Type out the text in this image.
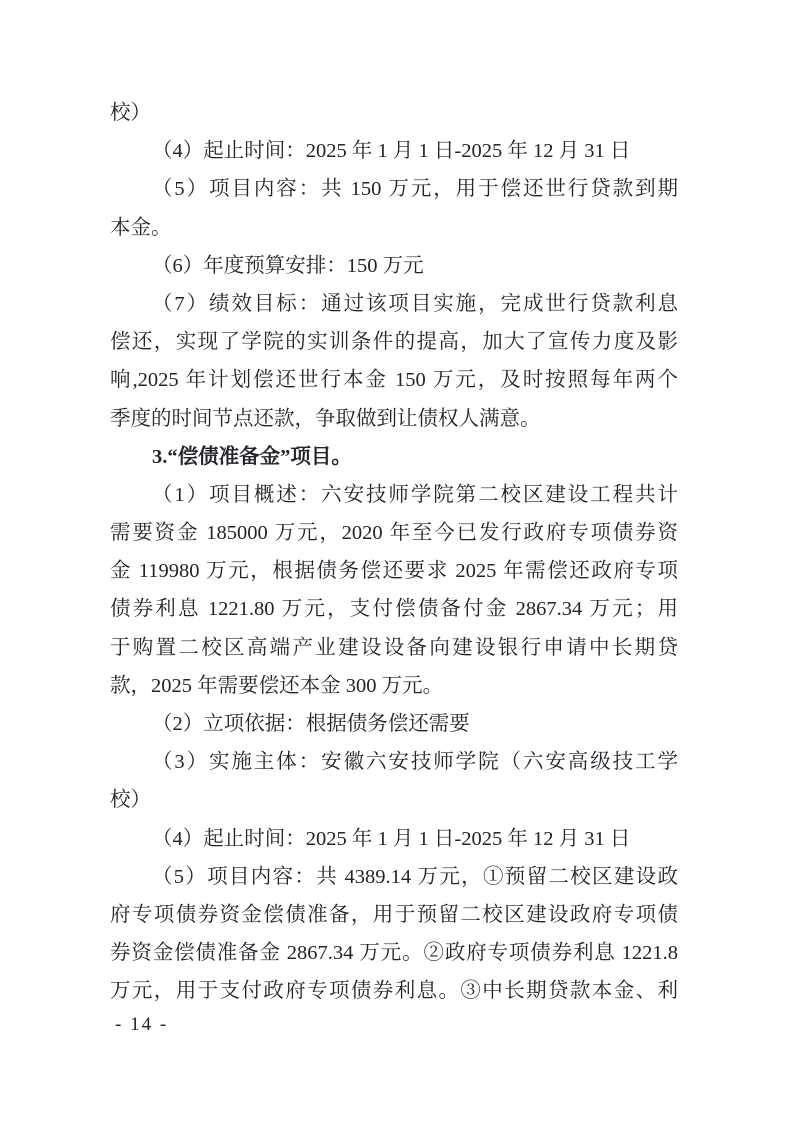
校）
（4）起止时间：2025 年 1 月 1 日-2025 年 12 月 31 日
（5）项目内容：共 150 万元，用于偿还世行贷款到期
本金。
（6）年度预算安排：150 万元
（7）绩效目标：通过该项目实施，完成世行贷款利息
偿还，实现了学院的实训条件的提高，加大了宣传力度及影
响,2025 年计划偿还世行本金 150 万元，及时按照每年两个
季度的时间节点还款，争取做到让债权人满意。
3.“偿债准备金”项目。
（1）项目概述：六安技师学院第二校区建设工程共计
需要资金 185000 万元，2020 年至今已发行政府专项债券资
金 119980 万元，根据债务偿还要求 2025 年需偿还政府专项
债券利息 1221.80 万元，支付偿债备付金 2867.34 万元；用
于购置二校区高端产业建设设备向建设银行申请中长期贷
款，2025 年需要偿还本金 300 万元。
（2）立项依据：根据债务偿还需要
（3）实施主体：安徽六安技师学院（六安高级技工学
校）
（4）起止时间：2025 年 1 月 1 日-2025 年 12 月 31 日
（5）项目内容：共 4389.14 万元，①预留二校区建设政
府专项债券资金偿债准备，用于预留二校区建设政府专项债
券资金偿债准备金 2867.34 万元。②政府专项债券利息 1221.8
万元，用于支付政府专项债券利息。③中长期贷款本金、利
- 14 -
